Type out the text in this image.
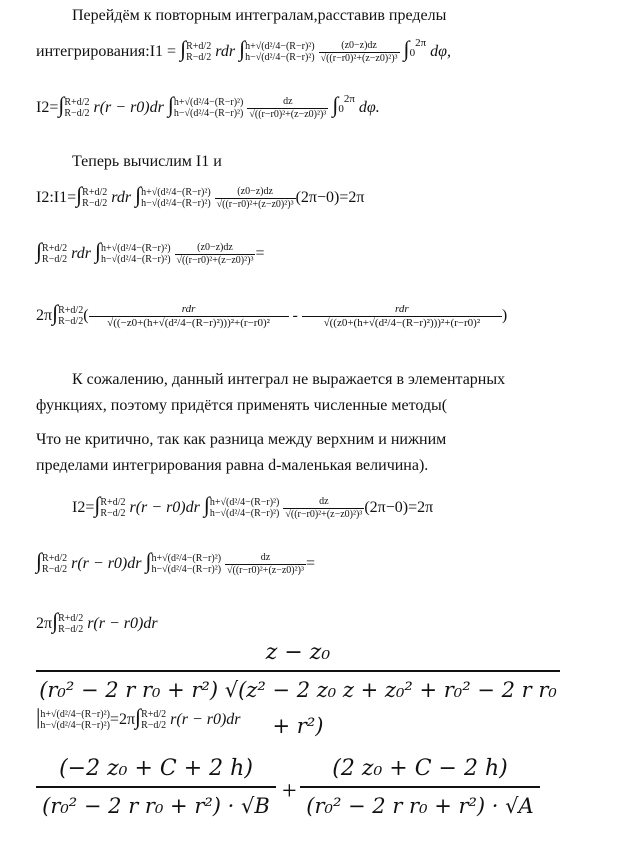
Перейдём к повторным интегралам,расставив пределы
интегрирования:I1 = ∫ R+d/2
R−d/2 rdr ∫ h+√(d²/4−(R−r)²)
h−√(d²/4−(R−r)²)
$\frac{(z0-z)dz}{\text{√((r−r0)²+(z−z0)²)³}} \int 0^{2\pi}$ dφ,
I2=∫ R+d/2
R−d/2 r(r − r0)dr ∫ h+√(d²/4−(R−r)²)
h−√(d²/4−(R−r)²)
$\frac{dz}{\text{√((r−r0)²+(z−z0)²)³}} \int 0^{2\pi}$ dφ.
Теперь вычислим I1 и
I2:I1=∫ R+d/2
R−d/2 rdr ∫ h+√(d²/4−(R−r)²)
h−√(d²/4−(R−r)²)
$\frac{(z0-z)dz}{\text{√((r−r0)²+(z−z0)²)³}} (2\pi-0)=2\pi$
∫ R+d/2
R−d/2 rdr ∫ h+√(d²/4−(R−r)²)
h−√(d²/4−(R−r)²)
$\frac{(z0-z)dz}{\text{√((r−r0)²+(z−z0)²)³}}$ =
2π∫ R+d/2
R−d/2 ( $\frac{\text{rdr}}{\text{√((−z0+(h+√(d²/4−(R−r)²)))²+(r−r0)²}} - \frac{\text{rdr}}{\text{√((z0+(h+√(d²/4−(R−r)²)))²+(r−r0)²}}$ )
К сожалению, данный интеграл не выражается в элементарных
функциях, поэтому придётся применять численные методы(
Что не критично, так как разница между верхним и нижним
пределами интегрирования равна d-маленькая величина).
I2=∫ R+d/2
R−d/2 r(r − r0)dr ∫ h+√(d²/4−(R−r)²)
h−√(d²/4−(R−r)²)
$\frac{dz}{\text{√((r−r0)²+(z−z0)²)³}} (2\pi-0)=2\pi$
∫ R+d/2
R−d/2 r(r − r0)dr ∫ h+√(d²/4−(R−r)²)
h−√(d²/4−(R−r)²)
$\frac{dz}{\text{√((r−r0)²+(z−z0)²)³}}$ =
2π∫ R+d/2
R−d/2 r(r − r0)dr
$\frac{\text{z − z₀}}{\text{(r₀² − 2 r r₀ + r²) √(z² − 2 z₀ z + z₀² + r₀² − 2 r r₀ + r²)}}$
| h+√(d²/4−(R−r)²)
h−√(d²/4−(R−r)²) =2π∫ R+d/2
R−d/2 r(r − r0)dr
$\frac{\text{(−2 z₀ + C + 2 h)}}{\text{(r₀² − 2 r r₀ + r²) · √B}} + \frac{\text{(2 z₀ + C − 2 h)}}{\text{(r₀² − 2 r r₀ + r²) · √A}}$
